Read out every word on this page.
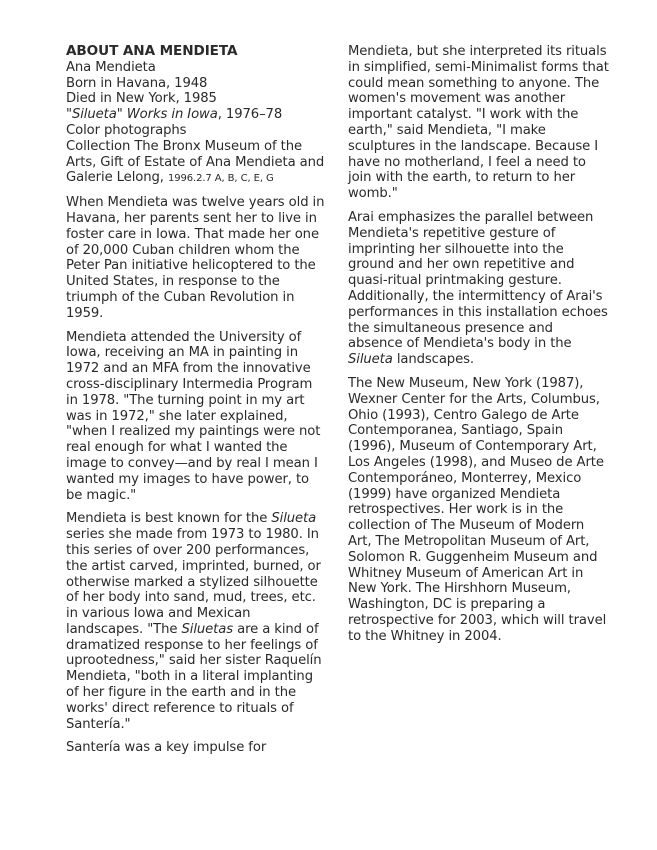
ABOUT ANA MENDIETA
Ana Mendieta
Born in Havana, 1948
Died in New York, 1985
"Silueta" Works in Iowa, 1976–78
Color photographs
Collection The Bronx Museum of the Arts, Gift of Estate of Ana Mendieta and Galerie Lelong, 1996.2.7 A, B, C, E, G

When Mendieta was twelve years old in Havana, her parents sent her to live in foster care in Iowa. That made her one of 20,000 Cuban children whom the Peter Pan initiative helicoptered to the United States, in response to the triumph of the Cuban Revolution in 1959.

Mendieta attended the University of Iowa, receiving an MA in painting in 1972 and an MFA from the innovative cross-disciplinary Intermedia Program in 1978. "The turning point in my art was in 1972," she later explained, "when I realized my paintings were not real enough for what I wanted the image to convey—and by real I mean I wanted my images to have power, to be magic."

Mendieta is best known for the Silueta series she made from 1973 to 1980. In this series of over 200 performances, the artist carved, imprinted, burned, or otherwise marked a stylized silhouette of her body into sand, mud, trees, etc. in various Iowa and Mexican landscapes. "The Siluetas are a kind of dramatized response to her feelings of uprootedness," said her sister Raquelín Mendieta, "both in a literal implanting of her figure in the earth and in the works' direct reference to rituals of Santería."

Santería was a key impulse for

Mendieta, but she interpreted its rituals in simplified, semi-Minimalist forms that could mean something to anyone. The women's movement was another important catalyst. "I work with the earth," said Mendieta, "I make sculptures in the landscape. Because I have no motherland, I feel a need to join with the earth, to return to her womb."

Arai emphasizes the parallel between Mendieta's repetitive gesture of imprinting her silhouette into the ground and her own repetitive and quasi-ritual printmaking gesture. Additionally, the intermittency of Arai's performances in this installation echoes the simultaneous presence and absence of Mendieta's body in the Silueta landscapes.

The New Museum, New York (1987), Wexner Center for the Arts, Columbus, Ohio (1993), Centro Galego de Arte Contemporanea, Santiago, Spain (1996), Museum of Contemporary Art, Los Angeles (1998), and Museo de Arte Contemporáneo, Monterrey, Mexico (1999) have organized Mendieta retrospectives. Her work is in the collection of The Museum of Modern Art, The Metropolitan Museum of Art, Solomon R. Guggenheim Museum and Whitney Museum of American Art in New York. The Hirshhorn Museum, Washington, DC is preparing a retrospective for 2003, which will travel to the Whitney in 2004.
